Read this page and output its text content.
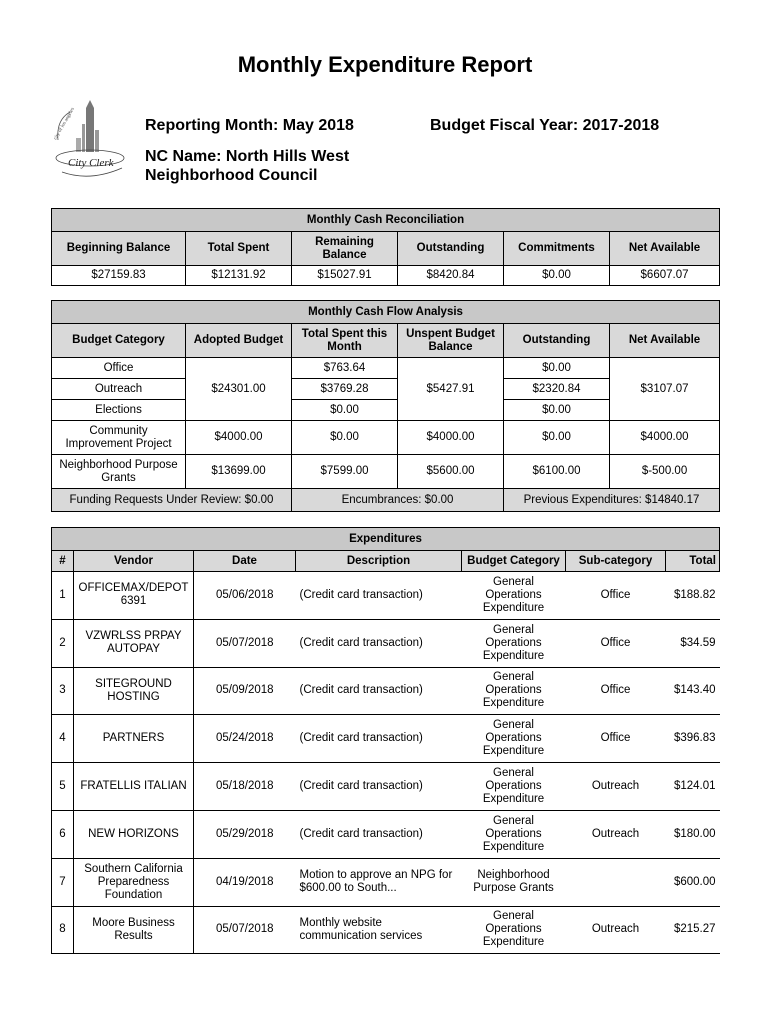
Monthly Expenditure Report
city of los angeles
City Clerk
Reporting Month: May 2018	Budget Fiscal Year: 2017-2018
NC Name: North Hills West
Neighborhood Council
Monthly Cash Reconciliation					
Beginning Balance	Total Spent	Remaining Balance	Outstanding	Commitments	Net Available
$27159.83	$12131.92	$15027.91	$8420.84	$0.00	$6607.07
Monthly Cash Flow Analysis					
Budget Category	Adopted Budget	Total Spent this Month	Unspent Budget Balance	Outstanding	Net Available
Office	$24301.00	$763.64	$5427.91	$0.00	$3107.07
Outreach		$3769.28		$2320.84	
Elections		$0.00		$0.00	
Community Improvement Project	$4000.00	$0.00	$4000.00	$0.00	$4000.00
Neighborhood Purpose Grants	$13699.00	$7599.00	$5600.00	$6100.00	$-500.00
Funding Requests Under Review: $0.00		Encumbrances: $0.00		Previous Expenditures: $14840.17	
Expenditures						
#	Vendor	Date	Description	Budget Category	Sub-category	Total
1	OFFICEMAX/DEPOT 6391	05/06/2018	(Credit card transaction)	General Operations Expenditure	Office	$188.82
2	VZWRLSS PRPAY AUTOPAY	05/07/2018	(Credit card transaction)	General Operations Expenditure	Office	$34.59
3	SITEGROUND HOSTING	05/09/2018	(Credit card transaction)	General Operations Expenditure	Office	$143.40
4	PARTNERS	05/24/2018	(Credit card transaction)	General Operations Expenditure	Office	$396.83
5	FRATELLIS ITALIAN	05/18/2018	(Credit card transaction)	General Operations Expenditure	Outreach	$124.01
6	NEW HORIZONS	05/29/2018	(Credit card transaction)	General Operations Expenditure	Outreach	$180.00
7	Southern California Preparedness Foundation	04/19/2018	Motion to approve an NPG for $600.00 to South...	Neighborhood Purpose Grants		$600.00
8	Moore Business Results	05/07/2018	Monthly website communication services	General Operations Expenditure	Outreach	$215.27
